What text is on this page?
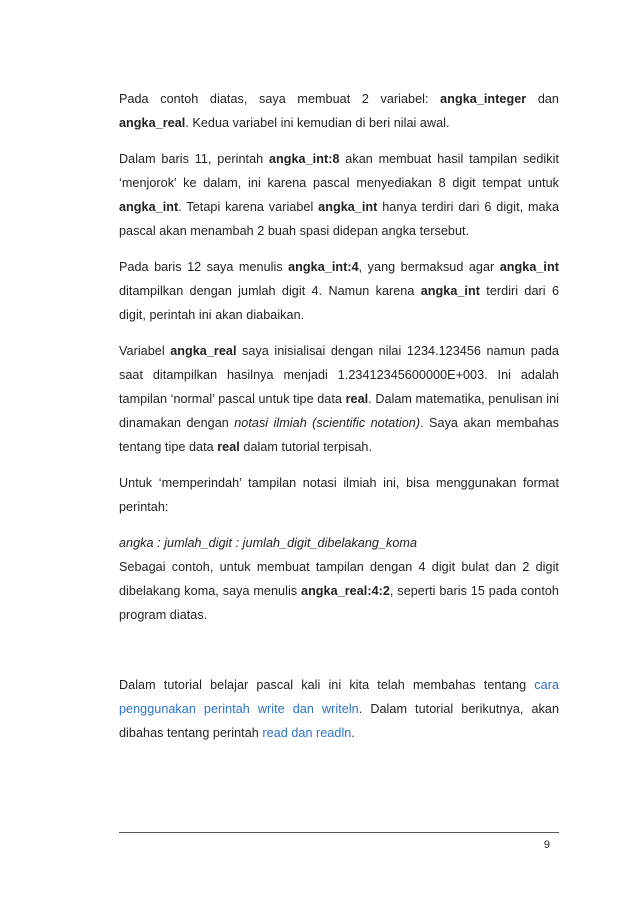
Pada contoh diatas, saya membuat 2 variabel: angka_integer dan angka_real. Kedua variabel ini kemudian di beri nilai awal.

Dalam baris 11, perintah angka_int:8 akan membuat hasil tampilan sedikit ‘menjorok’ ke dalam, ini karena pascal menyediakan 8 digit tempat untuk angka_int. Tetapi karena variabel angka_int hanya terdiri dari 6 digit, maka pascal akan menambah 2 buah spasi didepan angka tersebut.

Pada baris 12 saya menulis angka_int:4, yang bermaksud agar angka_int ditampilkan dengan jumlah digit 4. Namun karena angka_int terdiri dari 6 digit, perintah ini akan diabaikan.

Variabel angka_real saya inisialisai dengan nilai 1234.123456 namun pada saat ditampilkan hasilnya menjadi 1.23412345600000E+003. Ini adalah tampilan ‘normal’ pascal untuk tipe data real. Dalam matematika, penulisan ini dinamakan dengan notasi ilmiah (scientific notation). Saya akan membahas tentang tipe data real dalam tutorial terpisah.

Untuk ‘memperindah’ tampilan notasi ilmiah ini, bisa menggunakan format perintah:

angka : jumlah_digit : jumlah_digit_dibelakang_koma

Sebagai contoh, untuk membuat tampilan dengan 4 digit bulat dan 2 digit dibelakang koma, saya menulis angka_real:4:2, seperti baris 15 pada contoh program diatas.

Dalam tutorial belajar pascal kali ini kita telah membahas tentang cara penggunakan perintah write dan writeln. Dalam tutorial berikutnya, akan dibahas tentang perintah read dan readln.

9
